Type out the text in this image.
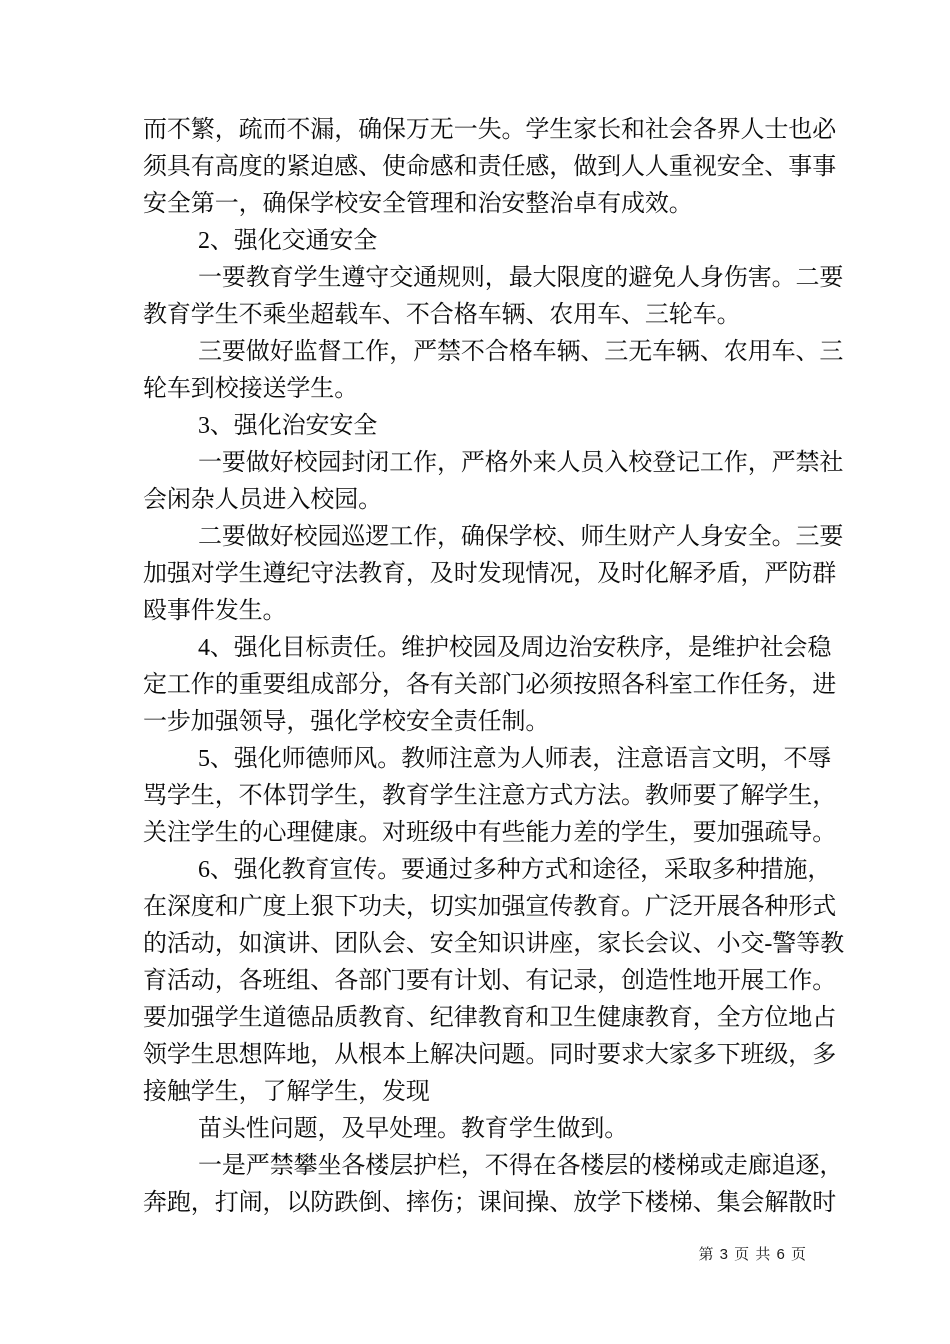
而不繁，疏而不漏，确保万无一失。学生家长和社会各界人士也必
须具有高度的紧迫感、使命感和责任感，做到人人重视安全、事事
安全第一，确保学校安全管理和治安整治卓有成效。
2、强化交通安全
一要教育学生遵守交通规则，最大限度的避免人身伤害。二要
教育学生不乘坐超载车、不合格车辆、农用车、三轮车。
三要做好监督工作，严禁不合格车辆、三无车辆、农用车、三
轮车到校接送学生。
3、强化治安安全
一要做好校园封闭工作，严格外来人员入校登记工作，严禁社
会闲杂人员进入校园。
二要做好校园巡逻工作，确保学校、师生财产人身安全。三要
加强对学生遵纪守法教育，及时发现情况，及时化解矛盾，严防群
殴事件发生。
4、强化目标责任。维护校园及周边治安秩序，是维护社会稳
定工作的重要组成部分，各有关部门必须按照各科室工作任务，进
一步加强领导，强化学校安全责任制。
5、强化师德师风。教师注意为人师表，注意语言文明，不辱
骂学生，不体罚学生，教育学生注意方式方法。教师要了解学生，
关注学生的心理健康。对班级中有些能力差的学生，要加强疏导。
6、强化教育宣传。要通过多种方式和途径，采取多种措施，
在深度和广度上狠下功夫，切实加强宣传教育。广泛开展各种形式
的活动，如演讲、团队会、安全知识讲座，家长会议、小交-警等教
育活动，各班组、各部门要有计划、有记录，创造性地开展工作。
要加强学生道德品质教育、纪律教育和卫生健康教育，全方位地占
领学生思想阵地，从根本上解决问题。同时要求大家多下班级，多
接触学生，了解学生，发现
苗头性问题，及早处理。教育学生做到。
一是严禁攀坐各楼层护栏，不得在各楼层的楼梯或走廊追逐，
奔跑，打闹，以防跌倒、摔伤；课间操、放学下楼梯、集会解散时
第 3 页 共 6 页
